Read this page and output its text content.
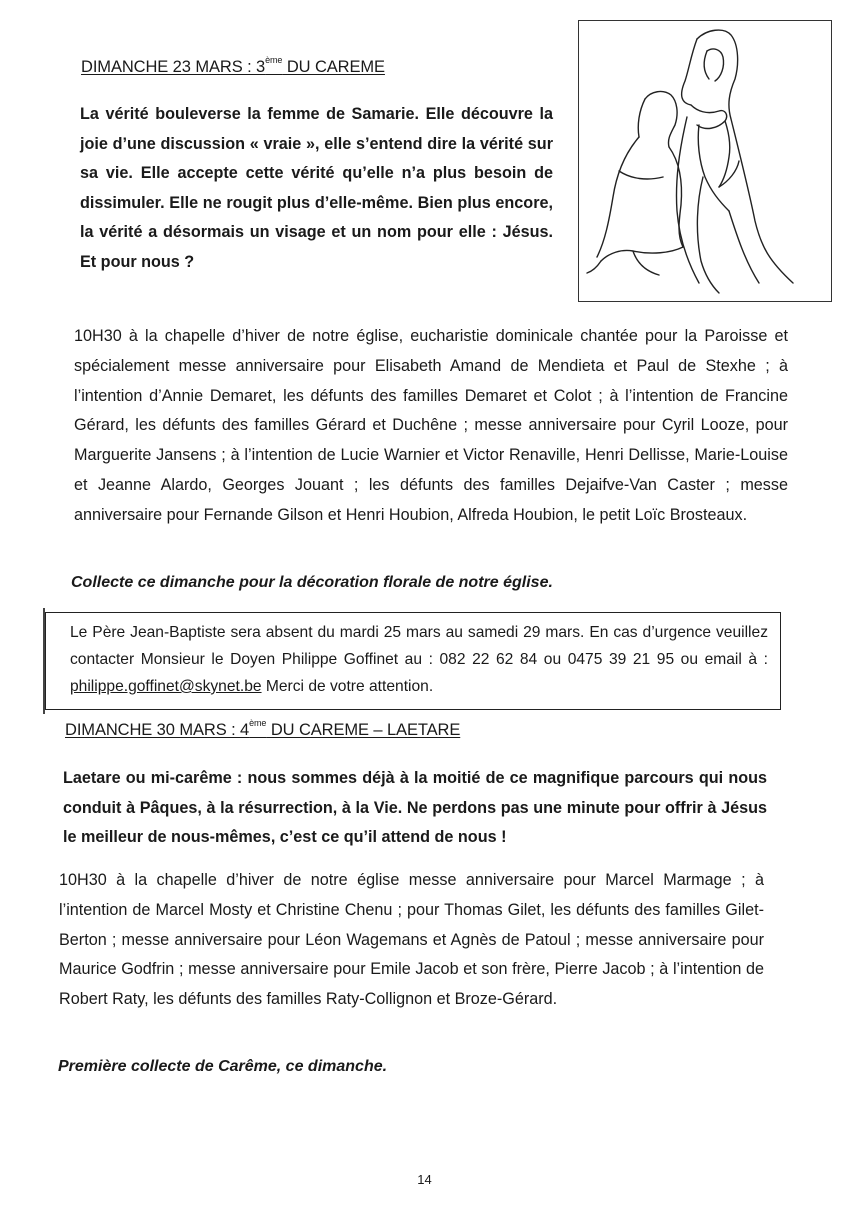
DIMANCHE 23 MARS : 3ème DU CAREME
La vérité bouleverse la femme de Samarie. Elle découvre la joie d’une discussion « vraie », elle s’entend dire la vérité sur sa vie. Elle accepte cette vérité qu’elle n’a plus besoin de dissimuler. Elle ne rougit plus d’elle-même. Bien plus encore, la vérité a désormais un visage et un nom pour elle : Jésus. Et pour nous ?
10H30 à la chapelle d’hiver de notre église, eucharistie dominicale chantée pour la Paroisse et spécialement messe anniversaire pour Elisabeth Amand de Mendieta et Paul de Stexhe ; à l’intention d’Annie Demaret, les défunts des familles Demaret et Colot ; à l’intention de Francine Gérard, les défunts des familles Gérard et Duchêne ; messe anniversaire pour Cyril Looze, pour Marguerite Jansens ; à l’intention de Lucie Warnier et Victor Renaville, Henri Dellisse, Marie-Louise et Jeanne Alardo, Georges Jouant ; les défunts des familles Dejaifve-Van Caster ; messe anniversaire pour Fernande Gilson et Henri Houbion, Alfreda Houbion, le petit Loïc Brosteaux.
Collecte ce dimanche pour la décoration florale de notre église.
Le Père Jean-Baptiste sera absent du mardi 25 mars au samedi 29 mars. En cas d’urgence veuillez contacter Monsieur le Doyen Philippe Goffinet au : 082 22 62 84 ou 0475 39 21 95 ou email à : philippe.goffinet@skynet.be Merci de votre attention.
DIMANCHE 30 MARS : 4ème DU CAREME – LAETARE
Laetare ou mi-carême : nous sommes déjà à la moitié de ce magnifique parcours qui nous conduit à Pâques, à la résurrection, à la Vie. Ne perdons pas une minute pour offrir à Jésus le meilleur de nous-mêmes, c’est ce qu’il attend de nous !
10H30 à la chapelle d’hiver de notre église messe anniversaire pour Marcel Marmage ; à l’intention de Marcel Mosty et Christine Chenu ; pour Thomas Gilet, les défunts des familles Gilet-Berton ; messe anniversaire pour Léon Wagemans et Agnès de Patoul ; messe anniversaire pour Maurice Godfrin ; messe anniversaire pour Emile Jacob et son frère, Pierre Jacob ; à l’intention de Robert Raty, les défunts des familles Raty-Collignon et Broze-Gérard.
Première collecte de Carême, ce dimanche.
14
